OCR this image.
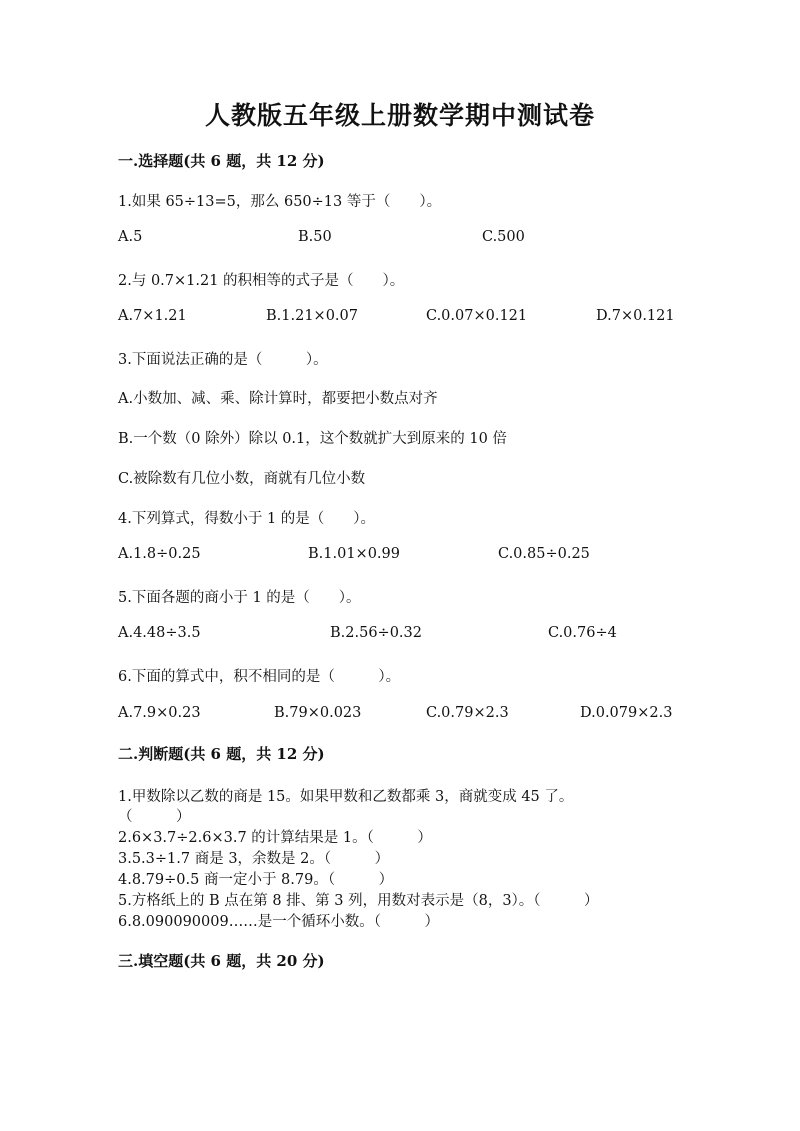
人教版五年级上册数学期中测试卷
一.选择题(共 6 题，共 12 分)
1.如果 65÷13=5，那么 650÷13 等于（　　）。
A.5	B.50	C.500
2.与 0.7×1.21 的积相等的式子是（　　）。
A.7×1.21	B.1.21×0.07	C.0.07×0.121	D.7×0.121
3.下面说法正确的是（　　　）。
A.小数加、减、乘、除计算时，都要把小数点对齐
B.一个数（0 除外）除以 0.1，这个数就扩大到原来的 10 倍
C.被除数有几位小数，商就有几位小数
4.下列算式，得数小于 1 的是（　　）。
A.1.8÷0.25	B.1.01×0.99	C.0.85÷0.25
5.下面各题的商小于 1 的是（　　）。
A.4.48÷3.5	B.2.56÷0.32	C.0.76÷4
6.下面的算式中，积不相同的是（　　　）。
A.7.9×0.23	B.79×0.023	C.0.79×2.3	D.0.079×2.3
二.判断题(共 6 题，共 12 分)
1.甲数除以乙数的商是 15。如果甲数和乙数都乘 3，商就变成 45 了。
（　　　）
2.6×3.7÷2.6×3.7 的计算结果是 1。（　　　）
3.5.3÷1.7 商是 3，余数是 2。（　　　）
4.8.79÷0.5 商一定小于 8.79。（　　　）
5.方格纸上的 B 点在第 8 排、第 3 列，用数对表示是（8，3）。（　　　）
6.8.090090009……是一个循环小数。（　　　）
三.填空题(共 6 题，共 20 分)
